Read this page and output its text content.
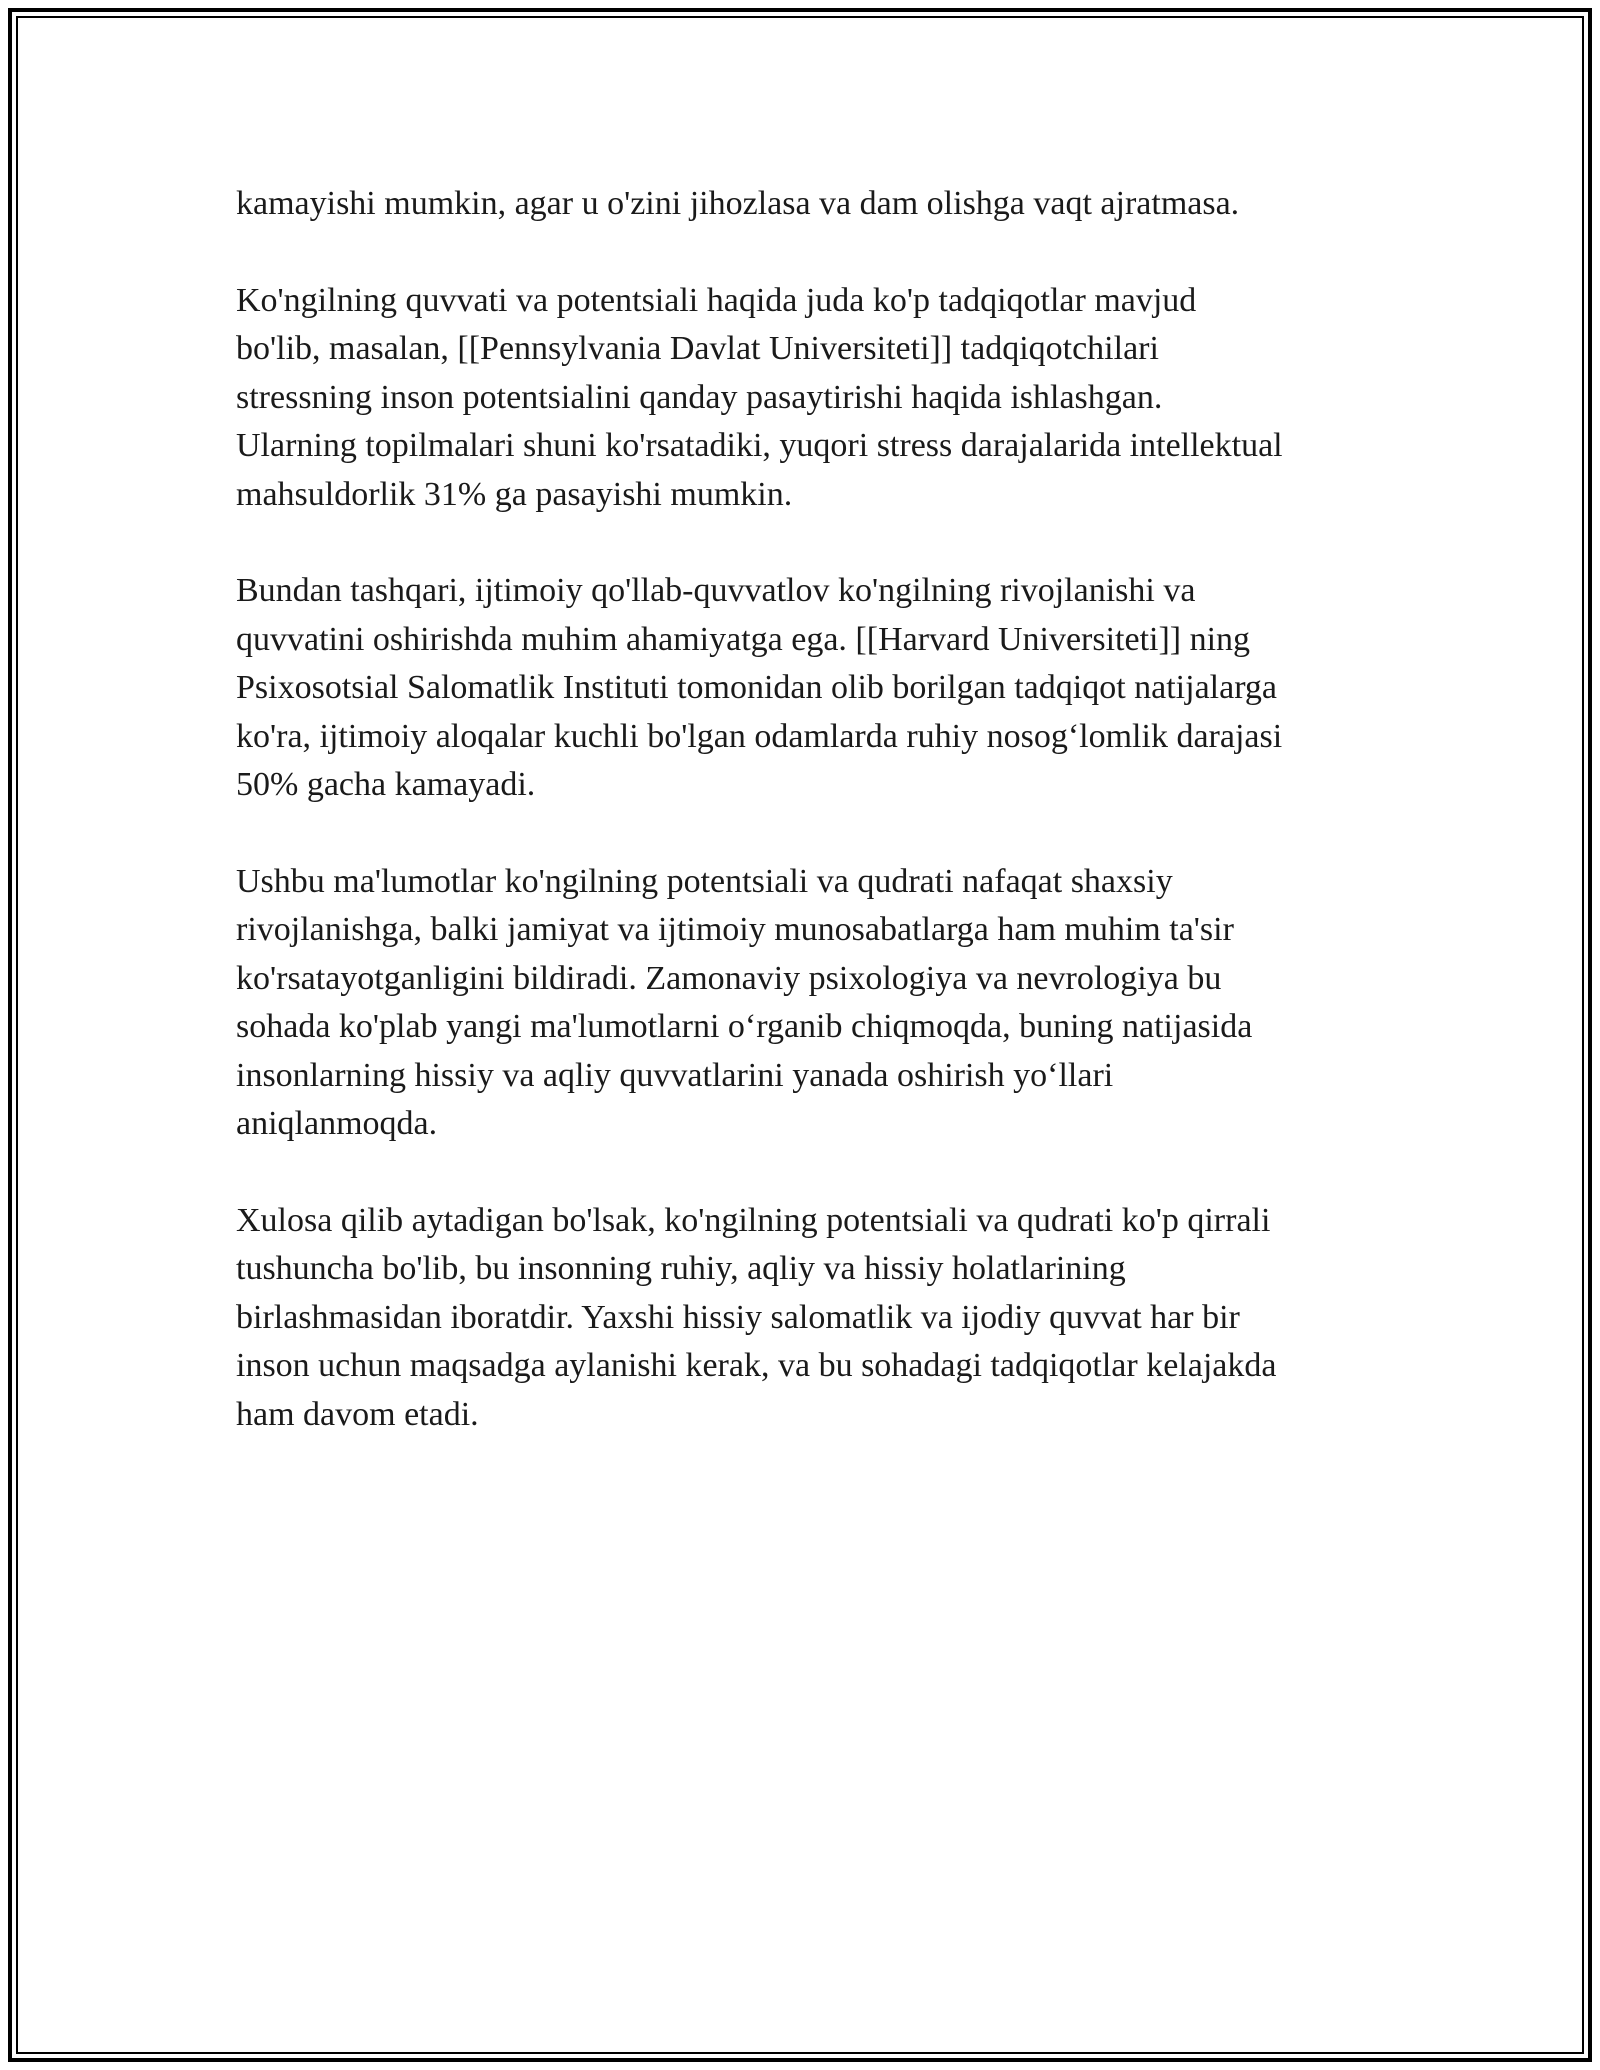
kamayishi mumkin, agar u o'zini jihozlasa va dam olishga vaqt ajratmasa.

Ko'ngilning quvvati va potentsiali haqida juda ko'p tadqiqotlar mavjud
bo'lib, masalan, [[Pennsylvania Davlat Universiteti]] tadqiqotchilari
stressning inson potentsialini qanday pasaytirishi haqida ishlashgan.
Ularning topilmalari shuni ko'rsatadiki, yuqori stress darajalarida intellektual
mahsuldorlik 31% ga pasayishi mumkin.

Bundan tashqari, ijtimoiy qo'llab-quvvatlov ko'ngilning rivojlanishi va
quvvatini oshirishda muhim ahamiyatga ega. [[Harvard Universiteti]] ning
Psixosotsial Salomatlik Instituti tomonidan olib borilgan tadqiqot natijalarga
ko'ra, ijtimoiy aloqalar kuchli bo'lgan odamlarda ruhiy nosog‘lomlik darajasi
50% gacha kamayadi.

Ushbu ma'lumotlar ko'ngilning potentsiali va qudrati nafaqat shaxsiy
rivojlanishga, balki jamiyat va ijtimoiy munosabatlarga ham muhim ta'sir
ko'rsatayotganligini bildiradi. Zamonaviy psixologiya va nevrologiya bu
sohada ko'plab yangi ma'lumotlarni o‘rganib chiqmoqda, buning natijasida
insonlarning hissiy va aqliy quvvatlarini yanada oshirish yo‘llari
aniqlanmoqda.

Xulosa qilib aytadigan bo'lsak, ko'ngilning potentsiali va qudrati ko'p qirrali
tushuncha bo'lib, bu insonning ruhiy, aqliy va hissiy holatlarining
birlashmasidan iboratdir. Yaxshi hissiy salomatlik va ijodiy quvvat har bir
inson uchun maqsadga aylanishi kerak, va bu sohadagi tadqiqotlar kelajakda
ham davom etadi.
